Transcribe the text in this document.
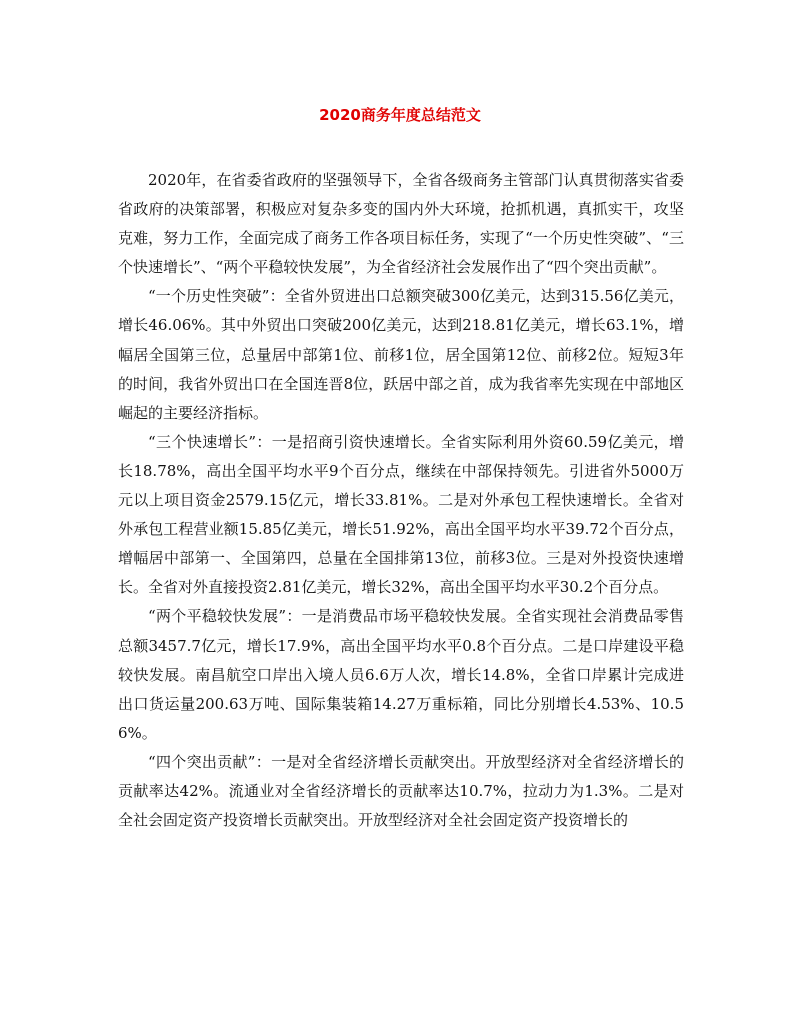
2020商务年度总结范文

2020年，在省委省政府的坚强领导下，全省各级商务主管部门认真贯彻落实省委省政府的决策部署，积极应对复杂多变的国内外大环境，抢抓机遇，真抓实干，攻坚克难，努力工作，全面完成了商务工作各项目标任务，实现了“一个历史性突破”、“三个快速增长”、“两个平稳较快发展”，为全省经济社会发展作出了“四个突出贡献”。

“一个历史性突破”：全省外贸进出口总额突破300亿美元，达到315.56亿美元，增长46.06%。其中外贸出口突破200亿美元，达到218.81亿美元，增长63.1%，增幅居全国第三位，总量居中部第1位、前移1位，居全国第12位、前移2位。短短3年的时间，我省外贸出口在全国连晋8位，跃居中部之首，成为我省率先实现在中部地区崛起的主要经济指标。

“三个快速增长”：一是招商引资快速增长。全省实际利用外资60.59亿美元，增长18.78%，高出全国平均水平9个百分点，继续在中部保持领先。引进省外5000万元以上项目资金2579.15亿元，增长33.81%。二是对外承包工程快速增长。全省对外承包工程营业额15.85亿美元，增长51.92%，高出全国平均水平39.72个百分点，增幅居中部第一、全国第四，总量在全国排第13位，前移3位。三是对外投资快速增长。全省对外直接投资2.81亿美元，增长32%，高出全国平均水平30.2个百分点。

“两个平稳较快发展”：一是消费品市场平稳较快发展。全省实现社会消费品零售总额3457.7亿元，增长17.9%，高出全国平均水平0.8个百分点。二是口岸建设平稳较快发展。南昌航空口岸出入境人员6.6万人次，增长14.8%，全省口岸累计完成进出口货运量200.63万吨、国际集装箱14.27万重标箱，同比分别增长4.53%、10.56%。

“四个突出贡献”：一是对全省经济增长贡献突出。开放型经济对全省经济增长的贡献率达42%。流通业对全省经济增长的贡献率达10.7%，拉动力为1.3%。二是对全社会固定资产投资增长贡献突出。开放型经济对全社会固定资产投资增长的
